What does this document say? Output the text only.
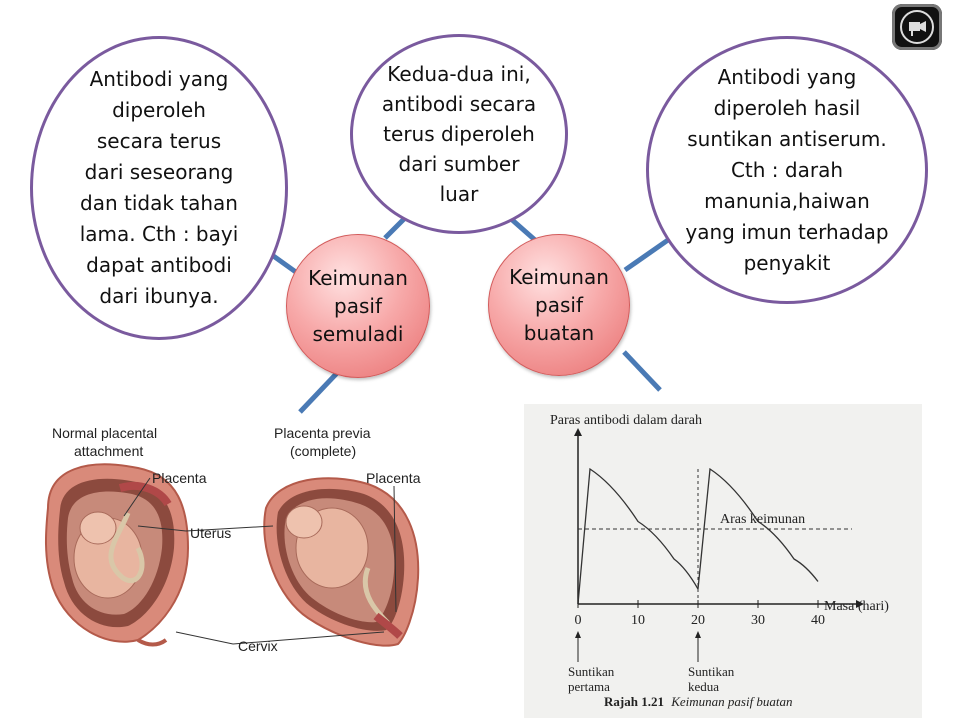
Antibodi yang
diperoleh
secara terus
dari seseorang
dan tidak tahan
lama. Cth : bayi
dapat antibodi
dari ibunya.
Kedua-dua ini,
antibodi secara
terus diperoleh
dari sumber
luar
Antibodi yang
diperoleh hasil
suntikan antiserum.
Cth : darah
manunia,haiwan
yang imun terhadap
penyakit
Keimunan
pasif
semuladi
Keimunan
pasif
buatan
Normal placental attachment
Placenta previa (complete)
Placenta	Placenta
Uterus
Cervix
0	10	20	30	40
Suntikan pertama
Suntikan kedua
Paras antibodi dalam darah
Masa (hari)
Aras keimunan
Rajah 1.21 Keimunan pasif buatan
